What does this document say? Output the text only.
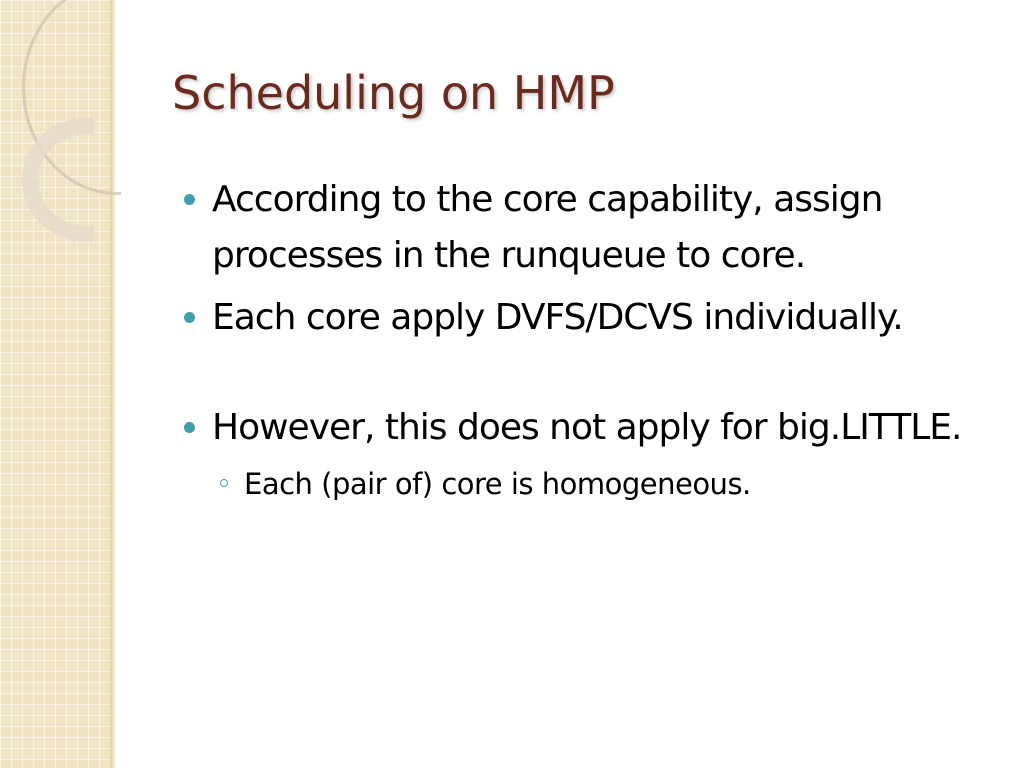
Scheduling on HMP
According to the core capability, assign processes in the runqueue to core.
Each core apply DVFS/DCVS individually.
However, this does not apply for big.LITTLE.
Each (pair of) core is homogeneous.
